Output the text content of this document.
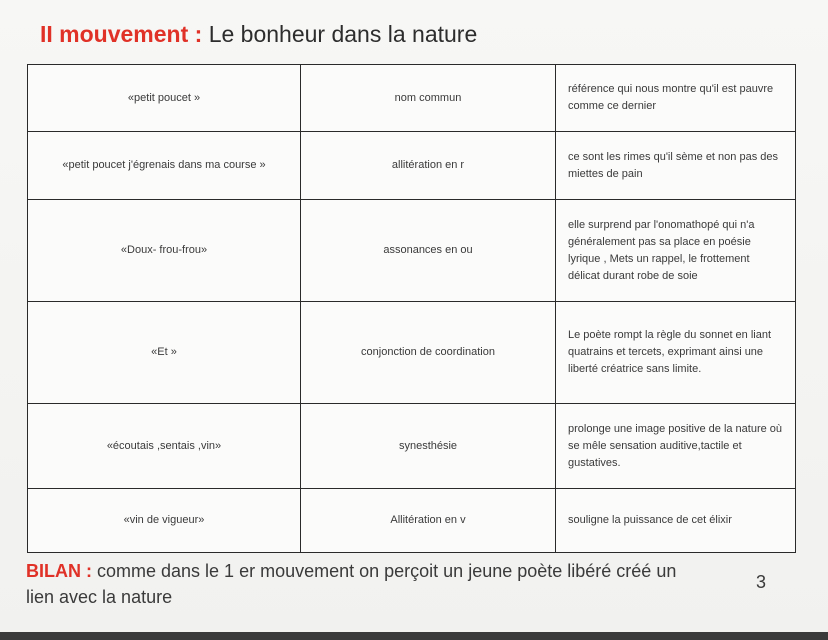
II mouvement : Le bonheur dans la nature
«petit poucet »	nom commun	référence qui nous montre qu'il est pauvre comme ce dernier
«petit poucet j'égrenais dans ma course »	allitération en r	ce sont les rimes qu'il sème et non pas des miettes de pain
«Doux- frou-frou»	assonances en ou	elle surprend par l'onomathopé qui n'a généralement pas sa place en poésie lyrique , Mets un rappel, le frottement délicat durant robe de soie
«Et »	conjonction de coordination	Le poète rompt la règle du sonnet en liant quatrains et tercets, exprimant ainsi une liberté créatrice sans limite.
«écoutais ,sentais ,vin»	synesthésie	prolonge une image positive de la nature où se mêle sensation auditive,tactile et gustatives.
«vin de vigueur»	Allitération en v	souligne la puissance de cet élixir
BILAN : comme dans le 1 er mouvement on perçoit un jeune poète libéré créé un lien avec la nature
3
